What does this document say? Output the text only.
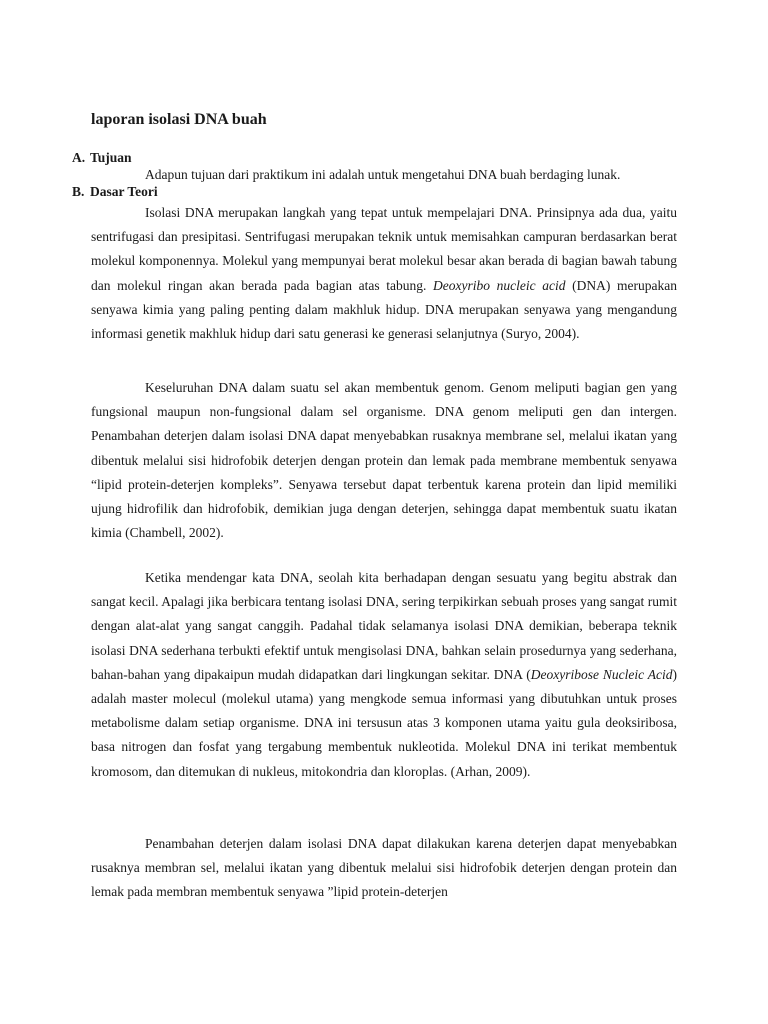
laporan isolasi DNA buah
A. Tujuan

Adapun tujuan dari praktikum ini adalah untuk mengetahui DNA buah berdaging lunak.

B. Dasar Teori

Isolasi DNA merupakan langkah yang tepat untuk mempelajari DNA. Prinsipnya ada dua, yaitu sentrifugasi dan presipitasi. Sentrifugasi merupakan teknik untuk memisahkan campuran berdasarkan berat molekul komponennya. Molekul yang mempunyai berat molekul besar akan berada di bagian bawah tabung dan molekul ringan akan berada pada bagian atas tabung. Deoxyribo nucleic acid (DNA) merupakan senyawa kimia yang paling penting dalam makhluk hidup. DNA merupakan senyawa yang mengandung informasi genetik makhluk hidup dari satu generasi ke generasi selanjutnya (Suryo, 2004).

Keseluruhan DNA dalam suatu sel akan membentuk genom. Genom meliputi bagian gen yang fungsional maupun non-fungsional dalam sel organisme. DNA genom meliputi gen dan intergen. Penambahan deterjen dalam isolasi DNA dapat menyebabkan rusaknya membrane sel, melalui ikatan yang dibentuk melalui sisi hidrofobik deterjen dengan protein dan lemak pada membrane membentuk senyawa “lipid protein-deterjen kompleks”. Senyawa tersebut dapat terbentuk karena protein dan lipid memiliki ujung hidrofilik dan hidrofobik, demikian juga dengan deterjen, sehingga dapat membentuk suatu ikatan kimia (Chambell, 2002).

Ketika mendengar kata DNA, seolah kita berhadapan dengan sesuatu yang begitu abstrak dan sangat kecil. Apalagi jika berbicara tentang isolasi DNA, sering terpikirkan sebuah proses yang sangat rumit dengan alat-alat yang sangat canggih. Padahal tidak selamanya isolasi DNA demikian, beberapa teknik isolasi DNA sederhana terbukti efektif untuk mengisolasi DNA, bahkan selain prosedurnya yang sederhana, bahan-bahan yang dipakaipun mudah didapatkan dari lingkungan sekitar. DNA (Deoxyribose Nucleic Acid) adalah master molecul (molekul utama) yang mengkode semua informasi yang dibutuhkan untuk proses metabolisme dalam setiap organisme. DNA ini tersusun atas 3 komponen utama yaitu gula deoksiribosa, basa nitrogen dan fosfat yang tergabung membentuk nukleotida. Molekul DNA ini terikat membentuk kromosom, dan ditemukan di nukleus, mitokondria dan kloroplas. (Arhan, 2009).

Penambahan deterjen dalam isolasi DNA dapat dilakukan karena deterjen dapat menyebabkan rusaknya membran sel, melalui ikatan yang dibentuk melalui sisi hidrofobik deterjen dengan protein dan lemak pada membran membentuk senyawa ”lipid protein-deterjen
